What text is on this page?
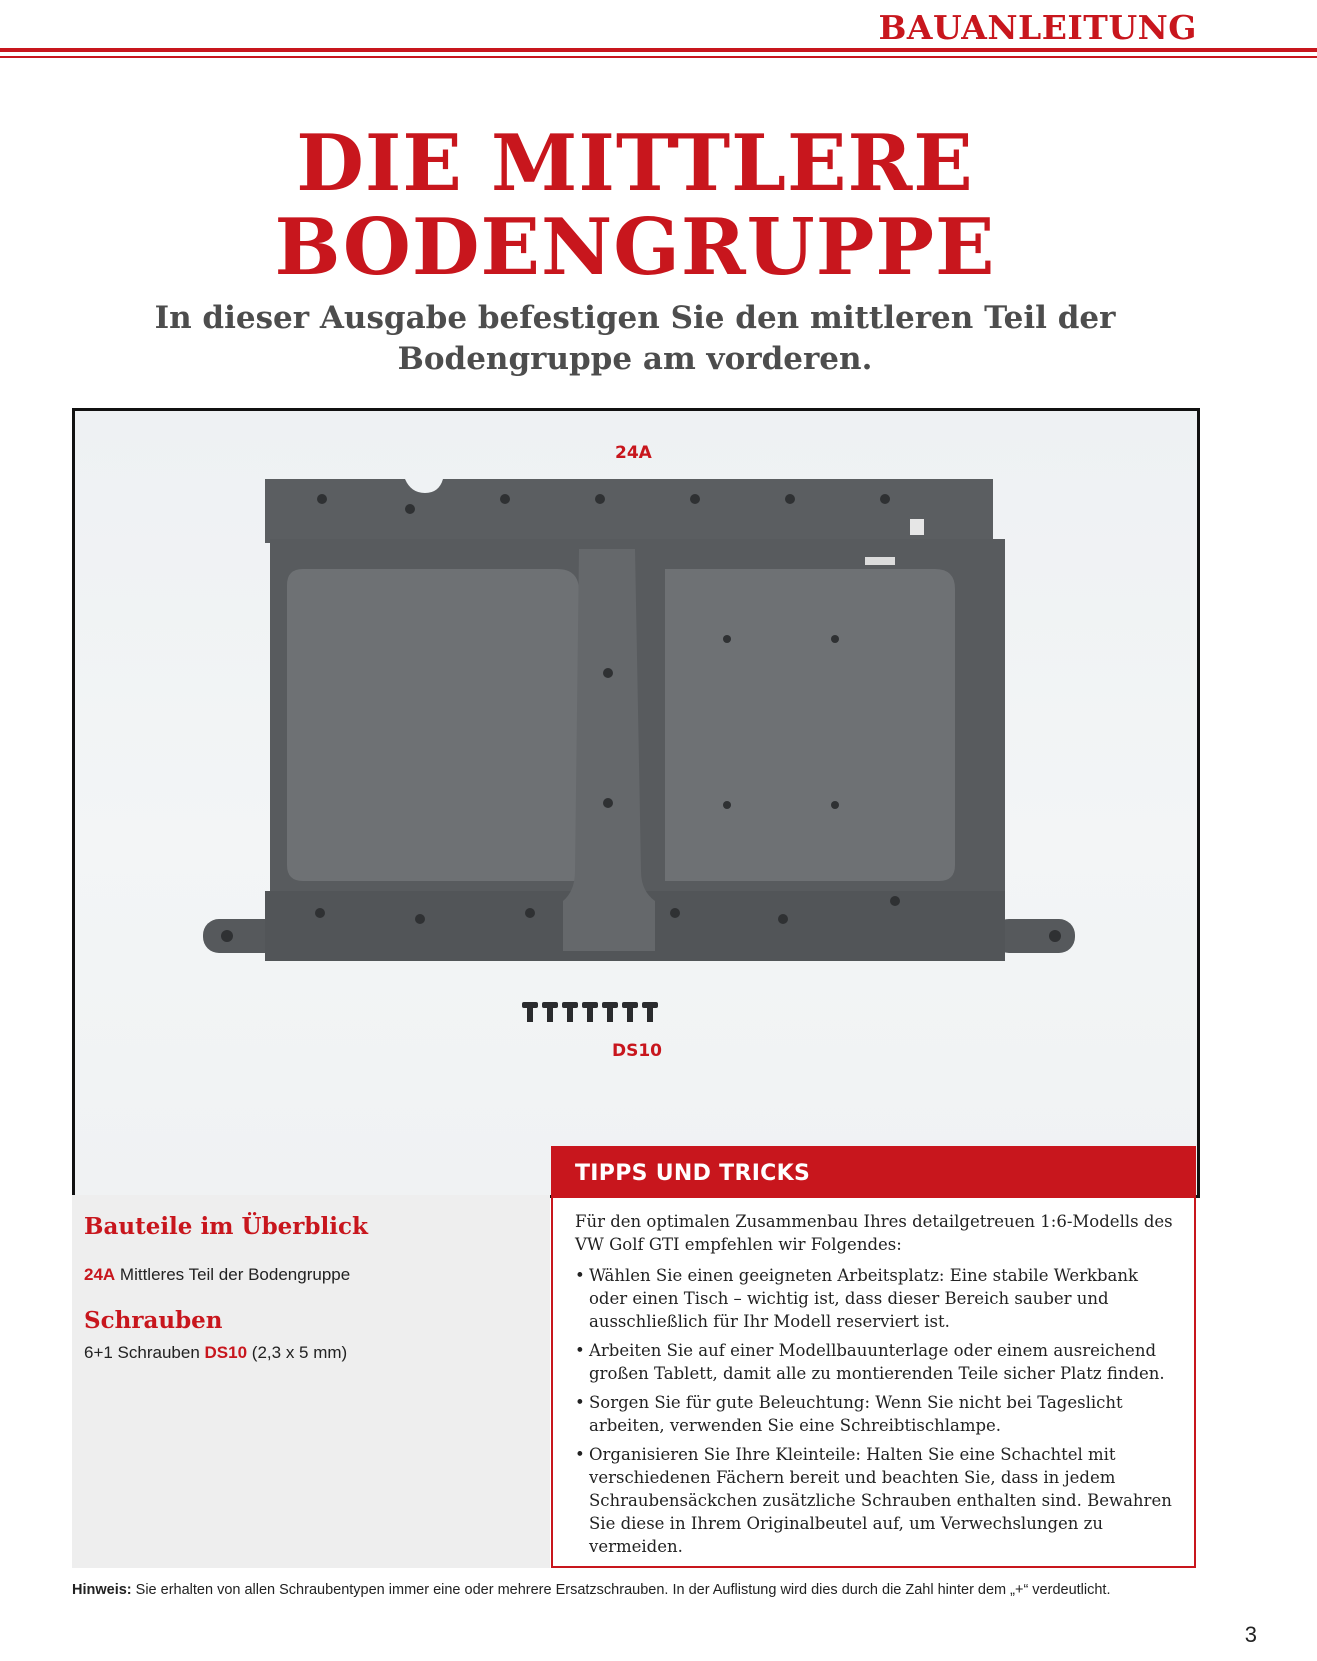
BAUANLEITUNG
DIE MITTLERE
BODENGRUPPE

In dieser Ausgabe befestigen Sie den mittleren Teil der
Bodengruppe am vorderen.

24A
DS10
Bauteile im Überblick
24A Mittleres Teil der Bodengruppe
Schrauben
6+1 Schrauben DS10 (2,3 x 5 mm)
TIPPS UND TRICKS

Für den optimalen Zusammenbau Ihres detailgetreuen 1:6-Modells des VW Golf GTI empfehlen wir Folgendes:

• Wählen Sie einen geeigneten Arbeitsplatz: Eine stabile Werkbank oder einen Tisch – wichtig ist, dass dieser Bereich sauber und ausschließlich für Ihr Modell reserviert ist.
• Arbeiten Sie auf einer Modellbauunterlage oder einem ausreichend großen Tablett, damit alle zu montierenden Teile sicher Platz finden.
• Sorgen Sie für gute Beleuchtung: Wenn Sie nicht bei Tageslicht arbeiten, verwenden Sie eine Schreibtischlampe.
• Organisieren Sie Ihre Kleinteile: Halten Sie eine Schachtel mit verschiedenen Fächern bereit und beachten Sie, dass in jedem Schraubensäckchen zusätzliche Schrauben enthalten sind. Bewahren Sie diese in Ihrem Originalbeutel auf, um Verwechslungen zu vermeiden.
Hinweis: Sie erhalten von allen Schraubentypen immer eine oder mehrere Ersatzschrauben. In der Auflistung wird dies durch die Zahl hinter dem „+“ verdeutlicht.
3
